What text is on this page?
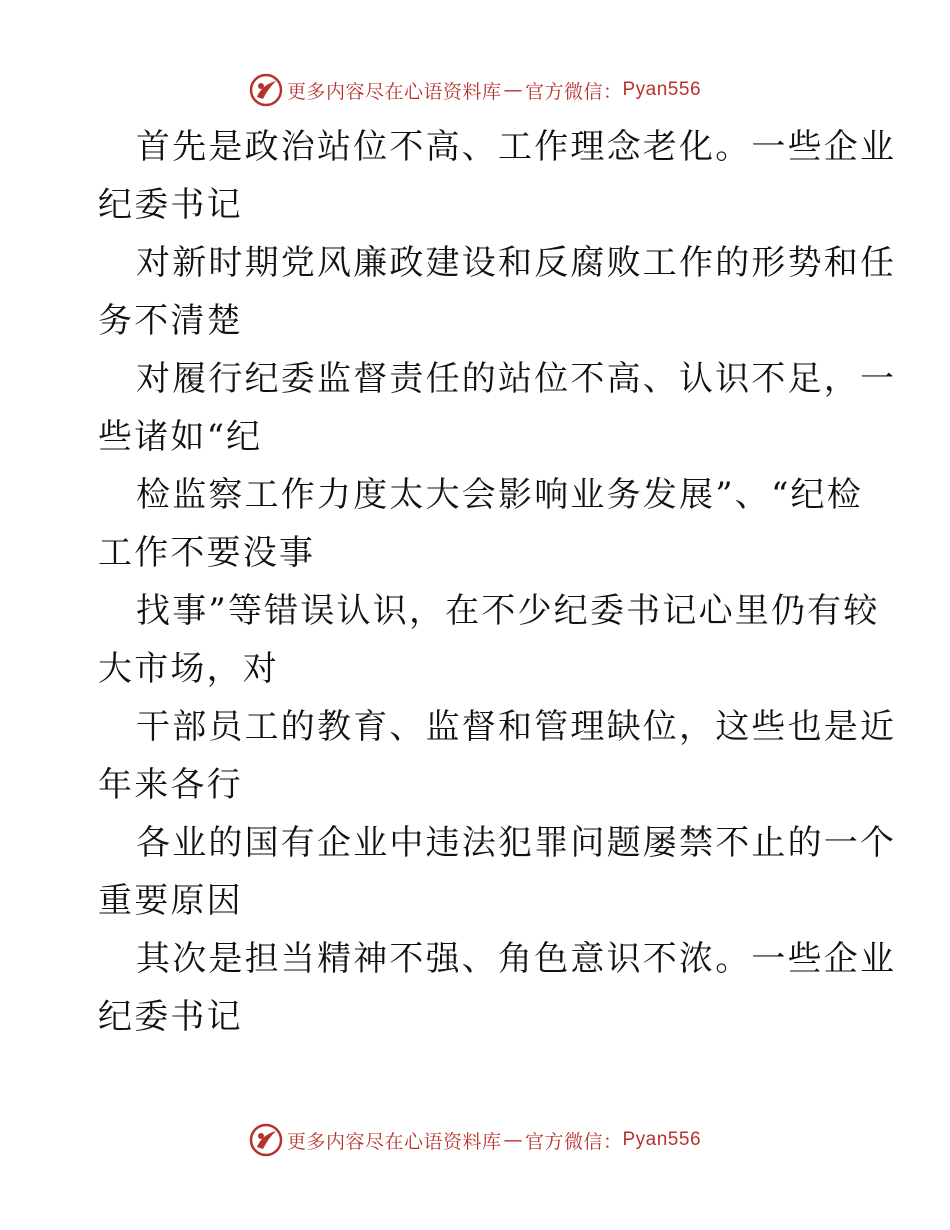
更多内容尽在心语资料库 — 官方微信： Pyan556

首先是政治站位不高、工作理念老化。一些企业
纪委书记

对新时期党风廉政建设和反腐败工作的形势和任
务不清楚

对履行纪委监督责任的站位不高、认识不足，一
些诸如“纪

检监察工作力度太大会影响业务发展”、“纪检
工作不要没事

找事”等错误认识，在不少纪委书记心里仍有较
大市场，对

干部员工的教育、监督和管理缺位，这些也是近
年来各行

各业的国有企业中违法犯罪问题屡禁不止的一个
重要原因

其次是担当精神不强、角色意识不浓。一些企业
纪委书记

更多内容尽在心语资料库 — 官方微信： Pyan556
